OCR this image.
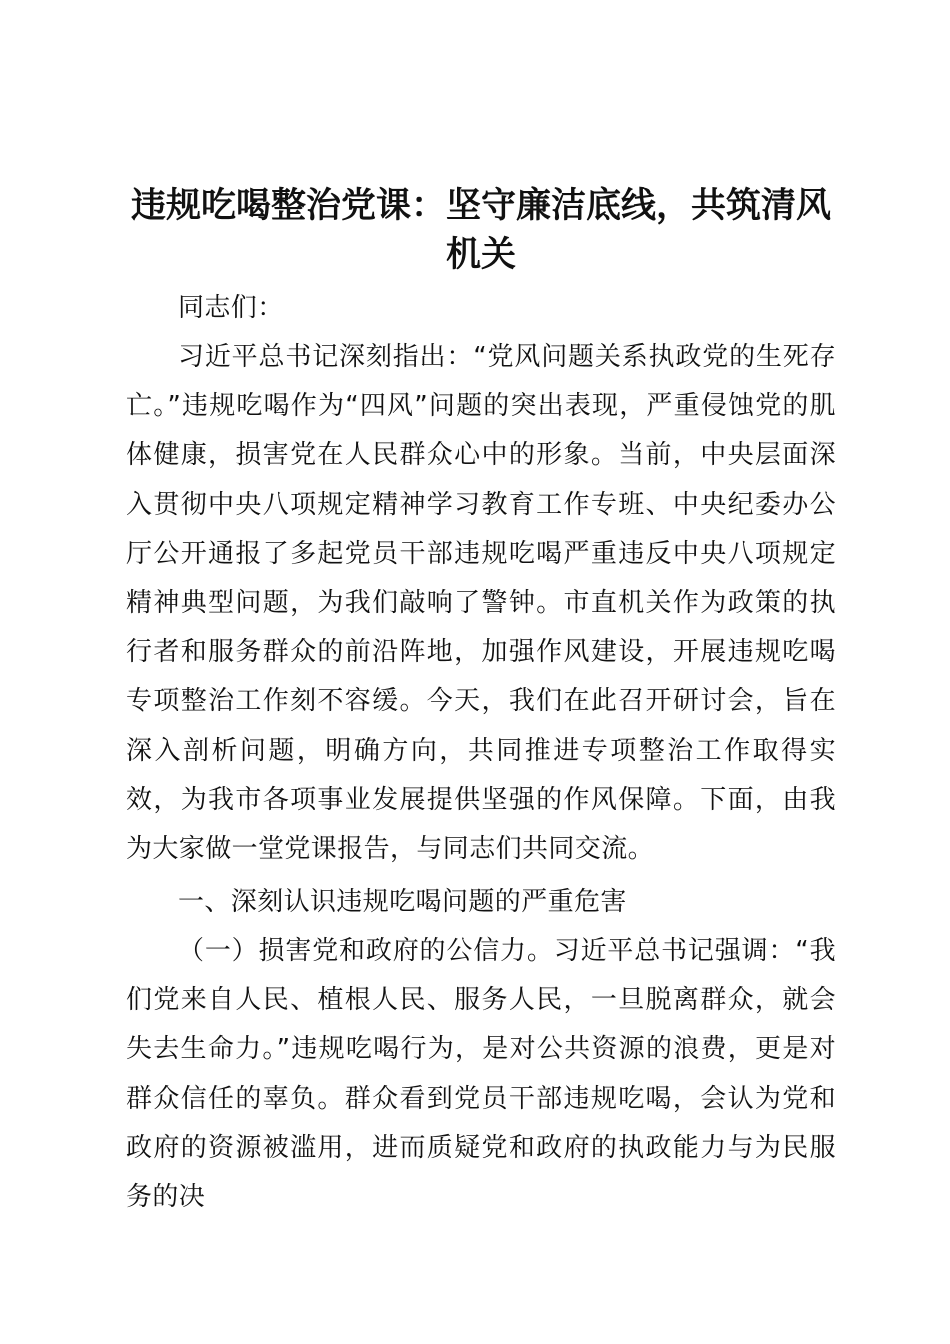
违规吃喝整治党课：坚守廉洁底线，共筑清风机关

同志们：

习近平总书记深刻指出：“党风问题关系执政党的生死存亡。”违规吃喝作为“四风”问题的突出表现，严重侵蚀党的肌体健康，损害党在人民群众心中的形象。当前，中央层面深入贯彻中央八项规定精神学习教育工作专班、中央纪委办公厅公开通报了多起党员干部违规吃喝严重违反中央八项规定精神典型问题，为我们敲响了警钟。市直机关作为政策的执行者和服务群众的前沿阵地，加强作风建设，开展违规吃喝专项整治工作刻不容缓。今天，我们在此召开研讨会，旨在深入剖析问题，明确方向，共同推进专项整治工作取得实效，为我市各项事业发展提供坚强的作风保障。下面，由我为大家做一堂党课报告，与同志们共同交流。

一、深刻认识违规吃喝问题的严重危害

（一）损害党和政府的公信力。习近平总书记强调：“我们党来自人民、植根人民、服务人民，一旦脱离群众，就会失去生命力。”违规吃喝行为，是对公共资源的浪费，更是对群众信任的辜负。群众看到党员干部违规吃喝，会认为党和政府的资源被滥用，进而质疑党和政府的执政能力与为民服务的决
